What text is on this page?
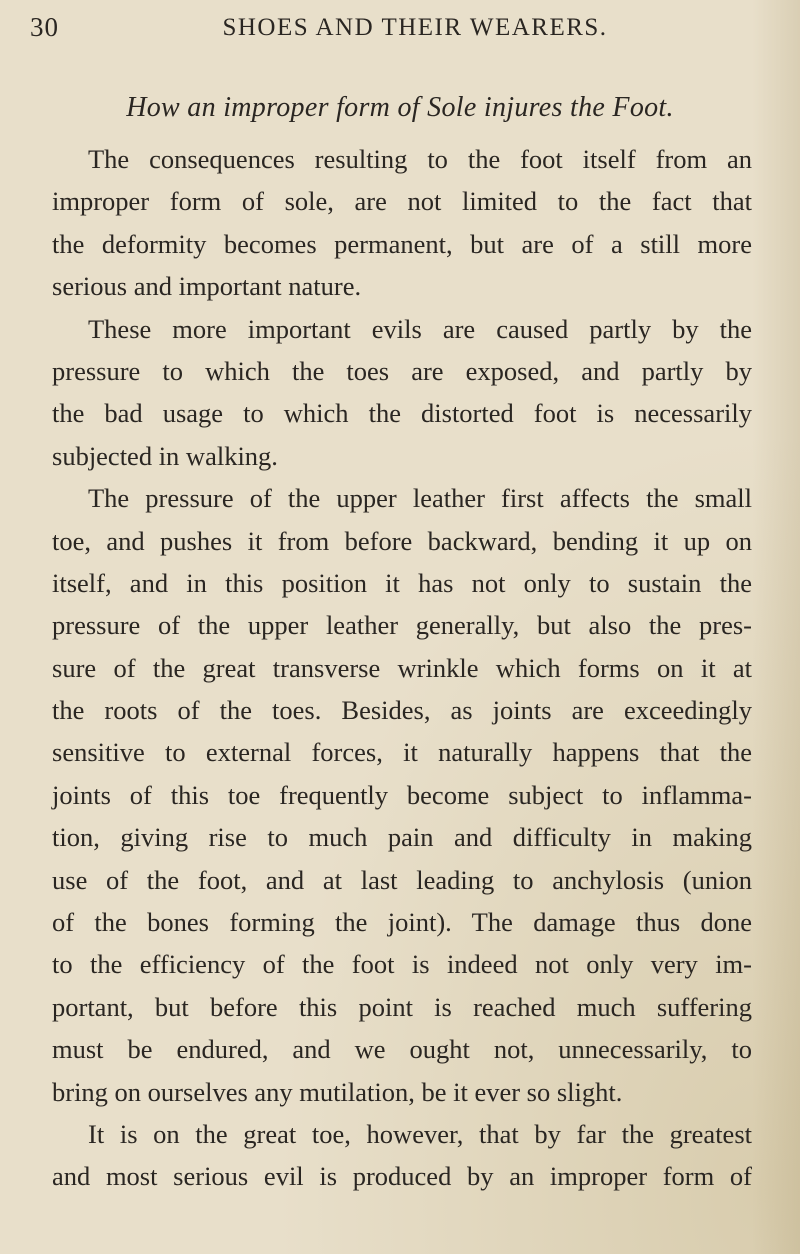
30	SHOES AND THEIR WEARERS.
How an improper form of Sole injures the Foot.
The consequences resulting to the foot itself from an
improper form of sole, are not limited to the fact that
the deformity becomes permanent, but are of a still more
serious and important nature.
These more important evils are caused partly by the
pressure to which the toes are exposed, and partly by
the bad usage to which the distorted foot is necessarily
subjected in walking.
The pressure of the upper leather first affects the small
toe, and pushes it from before backward, bending it up on
itself, and in this position it has not only to sustain the
pressure of the upper leather generally, but also the pres-
sure of the great transverse wrinkle which forms on it at
the roots of the toes. Besides, as joints are exceedingly
sensitive to external forces, it naturally happens that the
joints of this toe frequently become subject to inflamma-
tion, giving rise to much pain and difficulty in making
use of the foot, and at last leading to anchylosis (union
of the bones forming the joint). The damage thus done
to the efficiency of the foot is indeed not only very im-
portant, but before this point is reached much suffering
must be endured, and we ought not, unnecessarily, to
bring on ourselves any mutilation, be it ever so slight.
It is on the great toe, however, that by far the greatest
and most serious evil is produced by an improper form of
